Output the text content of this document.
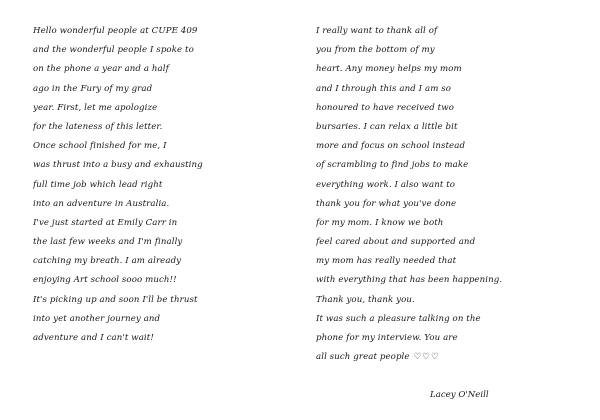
Hello wonderful people at CUPE 409
and the wonderful people I spoke to
on the phone a year and a half
ago in the Fury of my grad
year. First, let me apologize
for the lateness of this letter.
Once school finished for me, I
was thrust into a busy and exhausting
full time job which lead right
into an adventure in Australia.
I've just started at Emily Carr in
the last few weeks and I'm finally
catching my breath. I am already
enjoying Art school sooo much!!
It's picking up and soon I'll be thrust
into yet another journey and
adventure and I can't wait!
I really want to thank all of
you from the bottom of my
heart. Any money helps my mom
and I through this and I am so
honoured to have received two
bursaries. I can relax a little bit
more and focus on school instead
of scrambling to find jobs to make
everything work. I also want to
thank you for what you've done
for my mom. I know we both
feel cared about and supported and
my mom has really needed that
with everything that has been happening.
Thank you, thank you.
It was such a pleasure talking on the
phone for my interview. You are
all such great people ♡♡♡
Lacey O'Neill
